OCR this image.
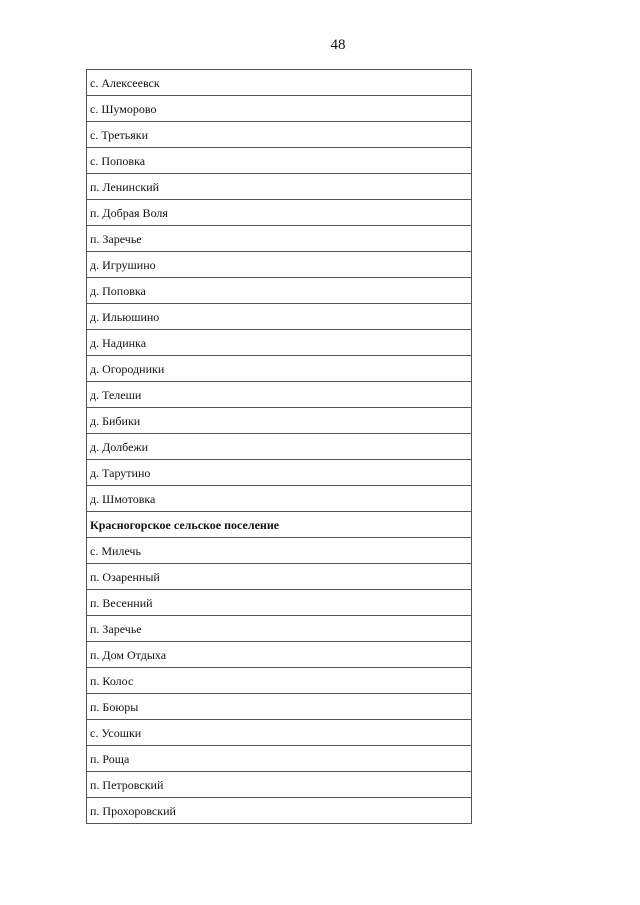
48
с. Алексеевск
с. Шуморово
с. Третьяки
с. Поповка
п. Ленинский
п. Добрая Воля
п. Заречье
д. Игрушино
д. Поповка
д. Ильюшино
д. Надинка
д. Огородники
д. Телеши
д. Бибики
д. Долбежи
д. Тарутино
д. Шмотовка
Красногорское сельское поселение
с. Милечь
п. Озаренный
п. Весенний
п. Заречье
п. Дом Отдыха
п. Колос
п. Боюры
с. Усошки
п. Роща
п. Петровский
п. Прохоровский
